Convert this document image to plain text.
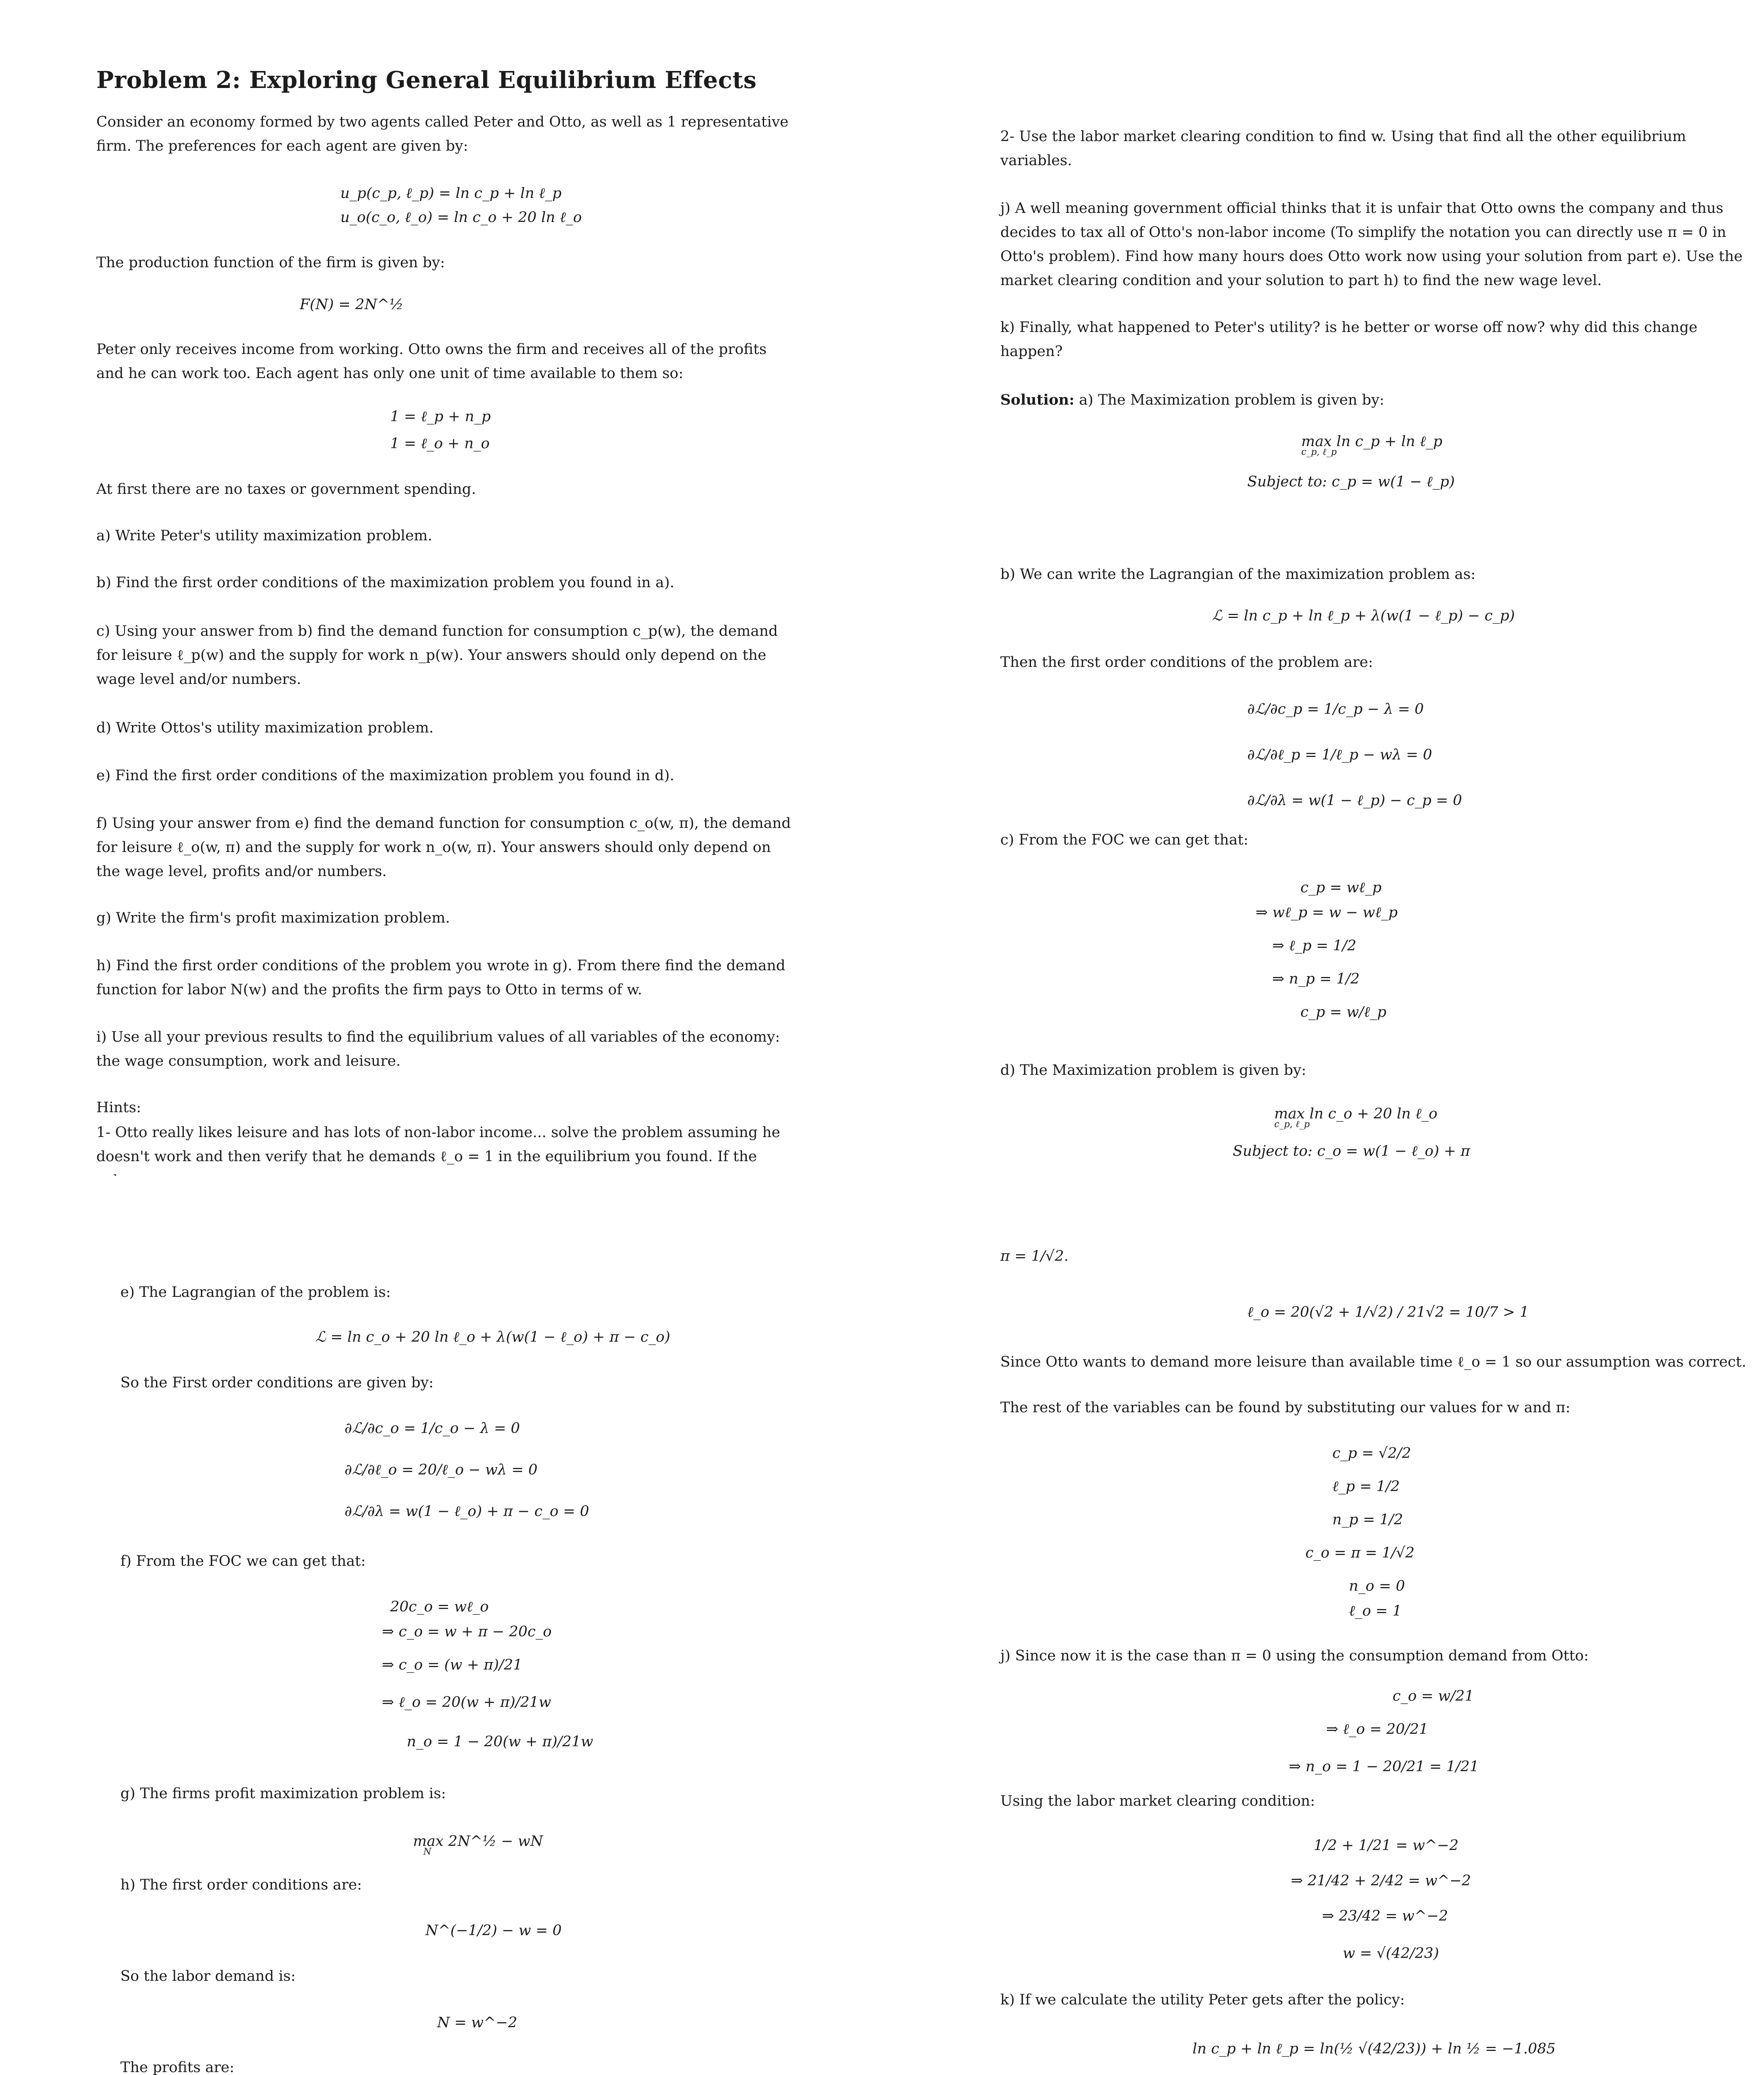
Problem 2: Exploring General Equilibrium Effects
Consider an economy formed by two agents called Peter and Otto, as well as 1 representative firm. The preferences for each agent are given by:
u_p(c_p, ℓ_p) = ln c_p + ln ℓ_p
u_o(c_o, ℓ_o) = ln c_o + 20 ln ℓ_o
The production function of the firm is given by:
F(N) = 2N^½
Peter only receives income from working. Otto owns the firm and receives all of the profits and he can work too. Each agent has only one unit of time available to them so:
1 = ℓ_p + n_p
1 = ℓ_o + n_o
At first there are no taxes or government spending.
a) Write Peter's utility maximization problem.
b) Find the first order conditions of the maximization problem you found in a).
c) Using your answer from b) find the demand function for consumption c_p(w), the demand for leisure ℓ_p(w) and the supply for work n_p(w). Your answers should only depend on the wage level and/or numbers.
d) Write Ottos's utility maximization problem.
e) Find the first order conditions of the maximization problem you found in d).
f) Using your answer from e) find the demand function for consumption c_o(w, π), the demand for leisure ℓ_o(w, π) and the supply for work n_o(w, π). Your answers should only depend on the wage level, profits and/or numbers.
g) Write the firm's profit maximization problem.
h) Find the first order conditions of the problem you wrote in g). From there find the demand function for labor N(w) and the profits the firm pays to Otto in terms of w.
i) Use all your previous results to find the equilibrium values of all variables of the economy: the wage consumption, work and leisure.
Hints:
1- Otto really likes leisure and has lots of non-labor income... solve the problem assuming he doesn't work and then verify that he demands ℓ_o = 1 in the equilibrium you found. If the
2- Use the labor market clearing condition to find w. Using that find all the other equilibrium variables.
j) A well meaning government official thinks that it is unfair that Otto owns the company and thus decides to tax all of Otto's non-labor income (To simplify the notation you can directly use π = 0 in Otto's problem). Find how many hours does Otto work now using your solution from part e). Use the market clearing condition and your solution to part h) to find the new wage level.
k) Finally, what happened to Peter's utility? is he better or worse off now? why did this change happen?
Solution: a) The Maximization problem is given by:
max ln c_p + ln ℓ_p
c_p, ℓ_p
Subject to: c_p = w(1 − ℓ_p)
b) We can write the Lagrangian of the maximization problem as:
ℒ = ln c_p + ln ℓ_p + λ(w(1 − ℓ_p) − c_p)
Then the first order conditions of the problem are:
∂ℒ/∂c_p = 1/c_p − λ = 0
∂ℒ/∂ℓ_p = 1/ℓ_p − wλ = 0
∂ℒ/∂λ = w(1 − ℓ_p) − c_p = 0
c) From the FOC we can get that:
c_p = wℓ_p
⇒ wℓ_p = w − wℓ_p
⇒ ℓ_p = 1/2
⇒ n_p = 1/2
c_p = w/ℓ_p
d) The Maximization problem is given by:
max ln c_o + 20 ln ℓ_o
c_p, ℓ_p
Subject to: c_o = w(1 − ℓ_o) + π
e) The Lagrangian of the problem is:
ℒ = ln c_o + 20 ln ℓ_o + λ(w(1 − ℓ_o) + π − c_o)
So the First order conditions are given by:
∂ℒ/∂c_o = 1/c_o − λ = 0
∂ℒ/∂ℓ_o = 20/ℓ_o − wλ = 0
∂ℒ/∂λ = w(1 − ℓ_o) + π − c_o = 0
f) From the FOC we can get that:
20c_o = wℓ_o
⇒ c_o = w + π − 20c_o
⇒ c_o = (w + π)/21
⇒ ℓ_o = 20(w + π)/21w
n_o = 1 − 20(w + π)/21w
g) The firms profit maximization problem is:
max 2N^½ − wN
N
h) The first order conditions are:
N^(−1/2) − w = 0
So the labor demand is:
N = w^−2
The profits are:
π = 1/√2.
ℓ_o = 20(√2 + 1/√2) / 21√2 = 10/7 > 1
Since Otto wants to demand more leisure than available time ℓ_o = 1 so our assumption was correct.
The rest of the variables can be found by substituting our values for w and π:
c_p = √2/2
ℓ_p = 1/2
n_p = 1/2
c_o = π = 1/√2
n_o = 0
ℓ_o = 1
j) Since now it is the case than π = 0 using the consumption demand from Otto:
c_o = w/21
⇒ ℓ_o = 20/21
⇒ n_o = 1 − 20/21 = 1/21
Using the labor market clearing condition:
1/2 + 1/21 = w^−2
⇒ 21/42 + 2/42 = w^−2
⇒ 23/42 = w^−2
w = √(42/23)
k) If we calculate the utility Peter gets after the policy:
ln c_p + ln ℓ_p = ln(½ √(42/23)) + ln ½ = −1.085
